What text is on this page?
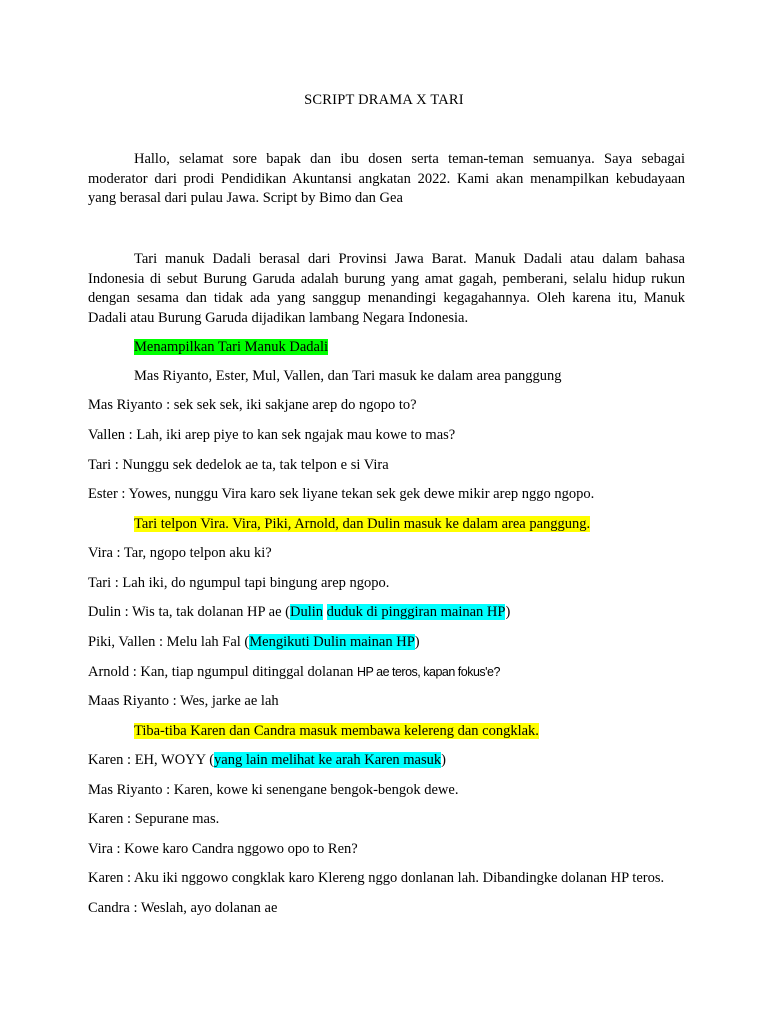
SCRIPT DRAMA X TARI
Hallo, selamat sore bapak dan ibu dosen serta teman-teman semuanya. Saya sebagai moderator dari prodi Pendidikan Akuntansi angkatan 2022. Kami akan menampilkan kebudayaan yang berasal dari pulau Jawa. Script by Bimo dan Gea
Tari manuk Dadali berasal dari Provinsi Jawa Barat. Manuk Dadali atau dalam bahasa Indonesia di sebut Burung Garuda adalah burung yang amat gagah, pemberani, selalu hidup rukun dengan sesama dan tidak ada yang sanggup menandingi kegagahannya. Oleh karena itu, Manuk Dadali atau Burung Garuda dijadikan lambang Negara Indonesia.
Menampilkan Tari Manuk Dadali
Mas Riyanto, Ester, Mul, Vallen, dan Tari masuk ke dalam area panggung
Mas Riyanto : sek sek sek, iki sakjane arep do ngopo to?
Vallen : Lah, iki arep piye to kan sek ngajak mau kowe to mas?
Tari : Nunggu sek dedelok ae ta, tak telpon e si Vira
Ester : Yowes, nunggu Vira karo sek liyane tekan sek gek dewe mikir arep nggo ngopo.
Tari telpon Vira. Vira, Piki, Arnold, dan Dulin masuk ke dalam area panggung.
Vira : Tar, ngopo telpon aku ki?
Tari : Lah iki, do ngumpul tapi bingung arep ngopo.
Dulin : Wis ta, tak dolanan HP ae (Dulin duduk di pinggiran mainan HP)
Piki, Vallen : Melu lah Fal (Mengikuti Dulin mainan HP)
Arnold : Kan, tiap ngumpul ditinggal dolanan HP ae teros, kapan fokus'e?
Maas Riyanto : Wes, jarke ae lah
Tiba-tiba Karen dan Candra masuk membawa kelereng dan congklak.
Karen : EH, WOYY (yang lain melihat ke arah Karen masuk)
Mas Riyanto : Karen, kowe ki senengane bengok-bengok dewe.
Karen : Sepurane mas.
Vira : Kowe karo Candra nggowo opo to Ren?
Karen : Aku iki nggowo congklak karo Klereng nggo donlanan lah. Dibandingke dolanan HP teros.
Candra : Weslah, ayo dolanan ae
